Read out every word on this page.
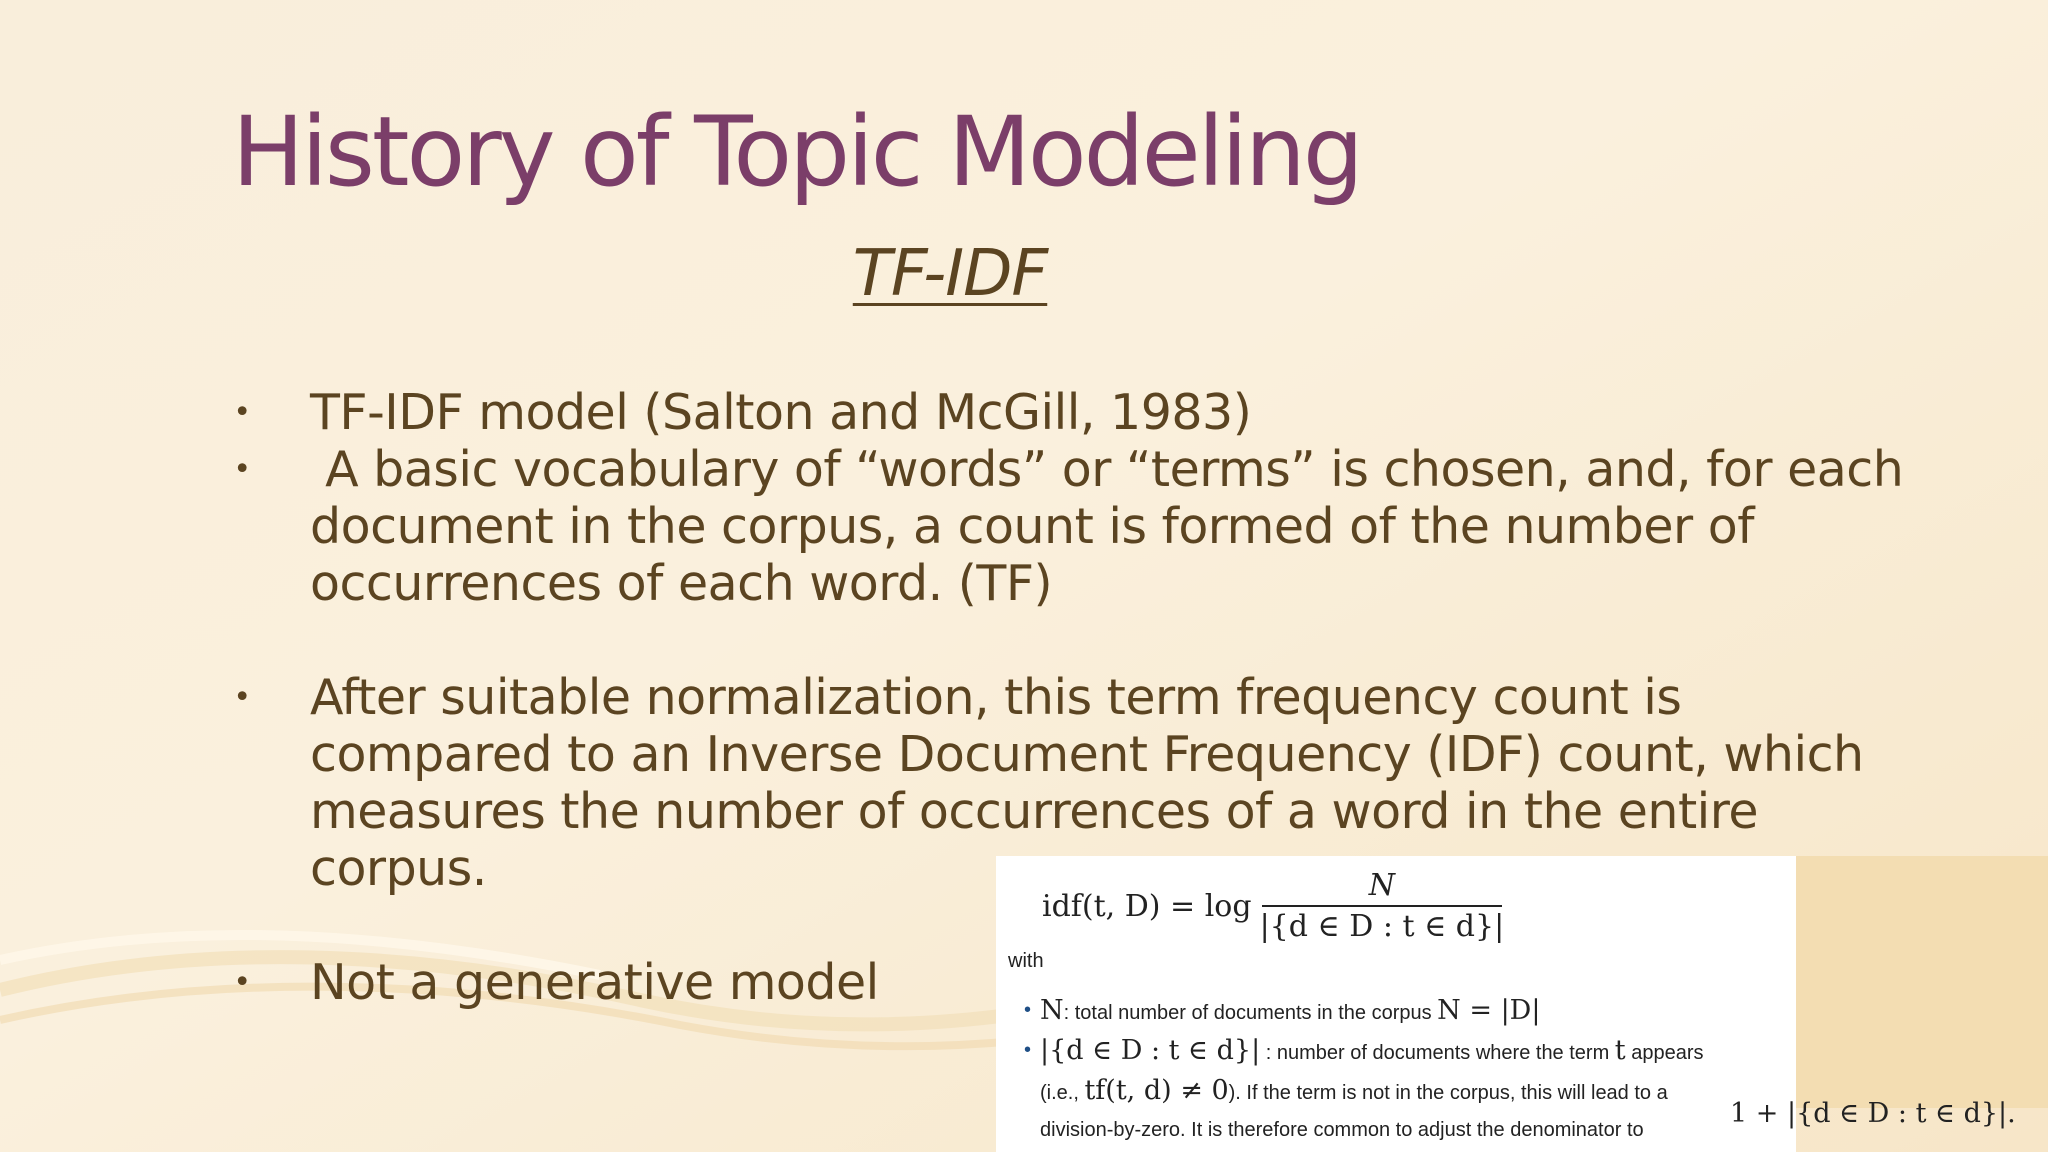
History of Topic Modeling
TF-IDF
• TF-IDF model (Salton and McGill, 1983)
• A basic vocabulary of “words” or “terms” is chosen, and, for each
document in the corpus, a count is formed of the number of
occurrences of each word. (TF)
• After suitable normalization, this term frequency count is
compared to an Inverse Document Frequency (IDF) count, which
measures the number of occurrences of a word in the entire
corpus.
• Not a generative model
idf(t, $D) = \log \frac{N}{|\{d \in D : t \in d\}|}$
with
• N: total number of documents in the corpus N = |D|
• |{d ∈ D : t ∈ d}| : number of documents where the term t appears
(i.e., tf(t, d) ≠ 0). If the term is not in the corpus, this will lead to a
division-by-zero. It is therefore common to adjust the denominator to
1 + |{d ∈ D : t ∈ d}|.
